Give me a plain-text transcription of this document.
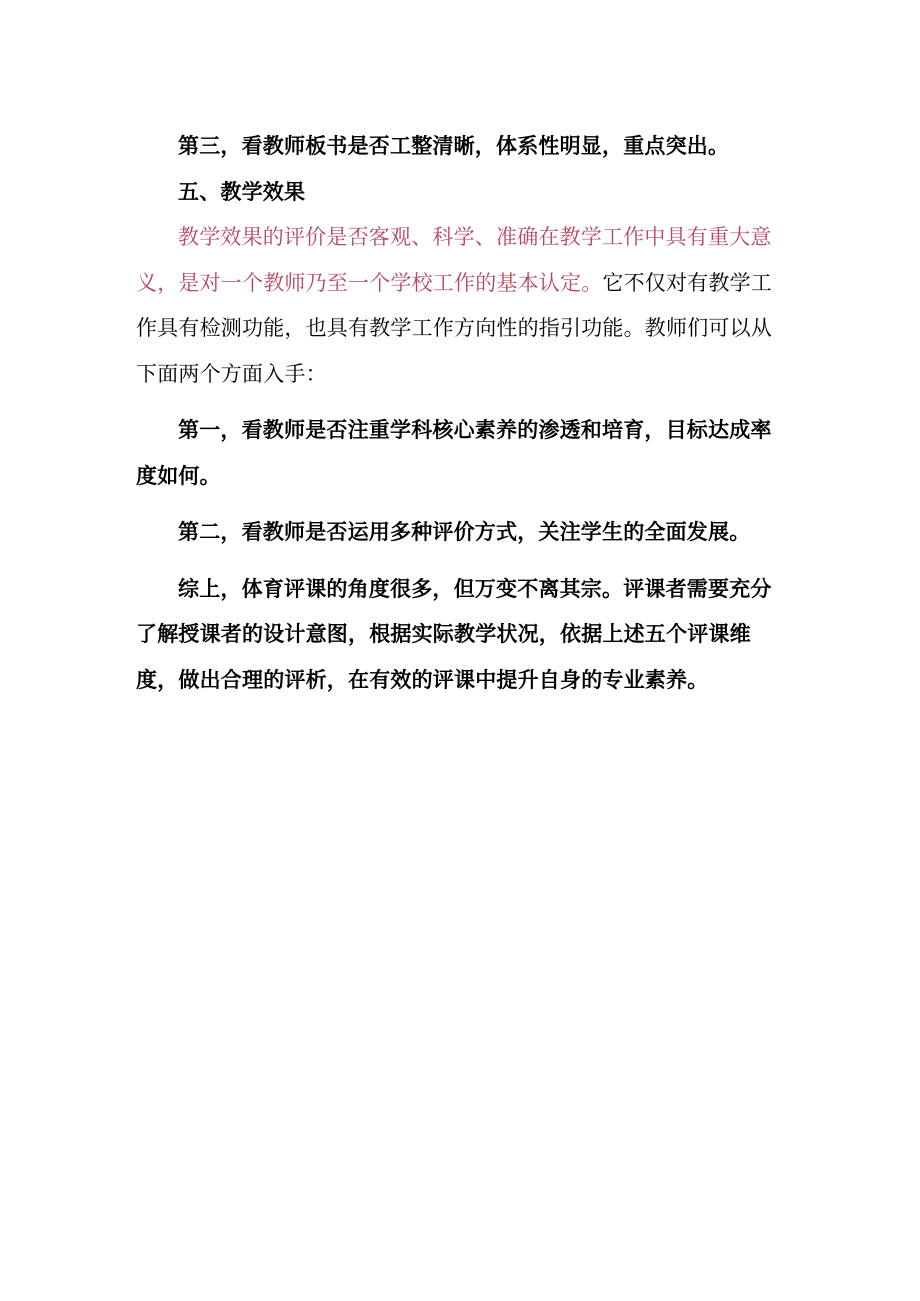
第三，看教师板书是否工整清晰，体系性明显，重点突出。

五、教学效果

教学效果的评价是否客观、科学、准确在教学工作中具有重大意义，是对一个教师乃至一个学校工作的基本认定。它不仅对有教学工作具有检测功能，也具有教学工作方向性的指引功能。教师们可以从下面两个方面入手：

第一，看教师是否注重学科核心素养的渗透和培育，目标达成率度如何。

第二，看教师是否运用多种评价方式，关注学生的全面发展。

综上，体育评课的角度很多，但万变不离其宗。评课者需要充分了解授课者的设计意图，根据实际教学状况，依据上述五个评课维度，做出合理的评析，在有效的评课中提升自身的专业素养。
